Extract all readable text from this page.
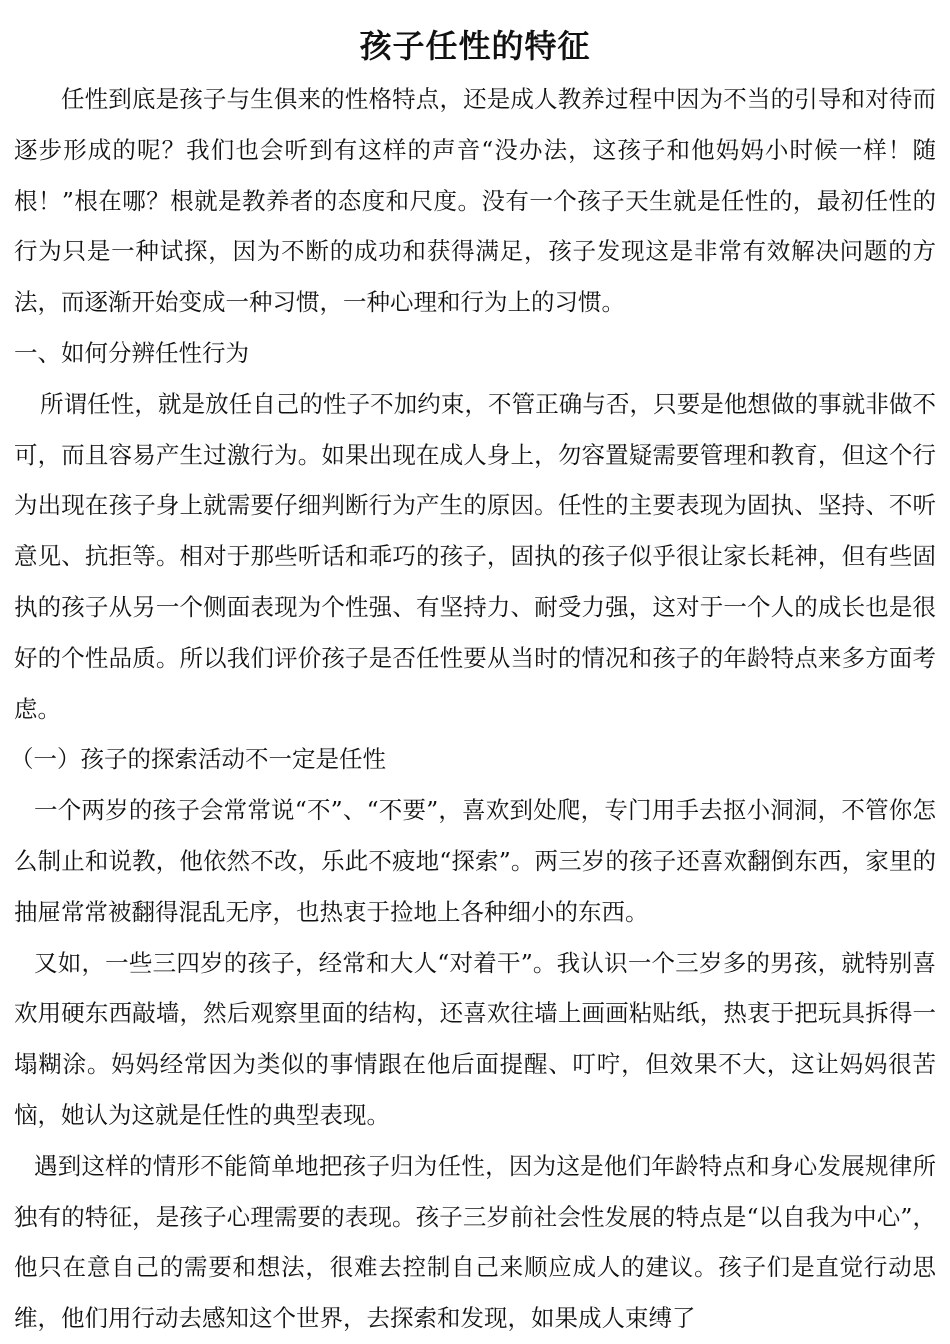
孩子任性的特征

任性到底是孩子与生俱来的性格特点，还是成人教养过程中因为不当的引导和对待而逐步形成的呢？我们也会听到有这样的声音“没办法，这孩子和他妈妈小时候一样！随根！”根在哪？根就是教养者的态度和尺度。没有一个孩子天生就是任性的，最初任性的行为只是一种试探，因为不断的成功和获得满足，孩子发现这是非常有效解决问题的方法，而逐渐开始变成一种习惯，一种心理和行为上的习惯。

一、如何分辨任性行为

所谓任性，就是放任自己的性子不加约束，不管正确与否，只要是他想做的事就非做不可，而且容易产生过激行为。如果出现在成人身上，勿容置疑需要管理和教育，但这个行为出现在孩子身上就需要仔细判断行为产生的原因。任性的主要表现为固执、坚持、不听意见、抗拒等。相对于那些听话和乖巧的孩子，固执的孩子似乎很让家长耗神，但有些固执的孩子从另一个侧面表现为个性强、有坚持力、耐受力强，这对于一个人的成长也是很好的个性品质。所以我们评价孩子是否任性要从当时的情况和孩子的年龄特点来多方面考虑。

（一）孩子的探索活动不一定是任性

一个两岁的孩子会常常说“不”、“不要”，喜欢到处爬，专门用手去抠小洞洞，不管你怎么制止和说教，他依然不改，乐此不疲地“探索”。两三岁的孩子还喜欢翻倒东西，家里的抽屉常常被翻得混乱无序，也热衷于捡地上各种细小的东西。

又如，一些三四岁的孩子，经常和大人“对着干”。我认识一个三岁多的男孩，就特别喜欢用硬东西敲墙，然后观察里面的结构，还喜欢往墙上画画粘贴纸，热衷于把玩具拆得一塌糊涂。妈妈经常因为类似的事情跟在他后面提醒、叮咛，但效果不大，这让妈妈很苦恼，她认为这就是任性的典型表现。

遇到这样的情形不能简单地把孩子归为任性，因为这是他们年龄特点和身心发展规律所独有的特征，是孩子心理需要的表现。孩子三岁前社会性发展的特点是“以自我为中心”，他只在意自己的需要和想法，很难去控制自己来顺应成人的建议。孩子们是直觉行动思维，他们用行动去感知这个世界，去探索和发现，如果成人束缚了
